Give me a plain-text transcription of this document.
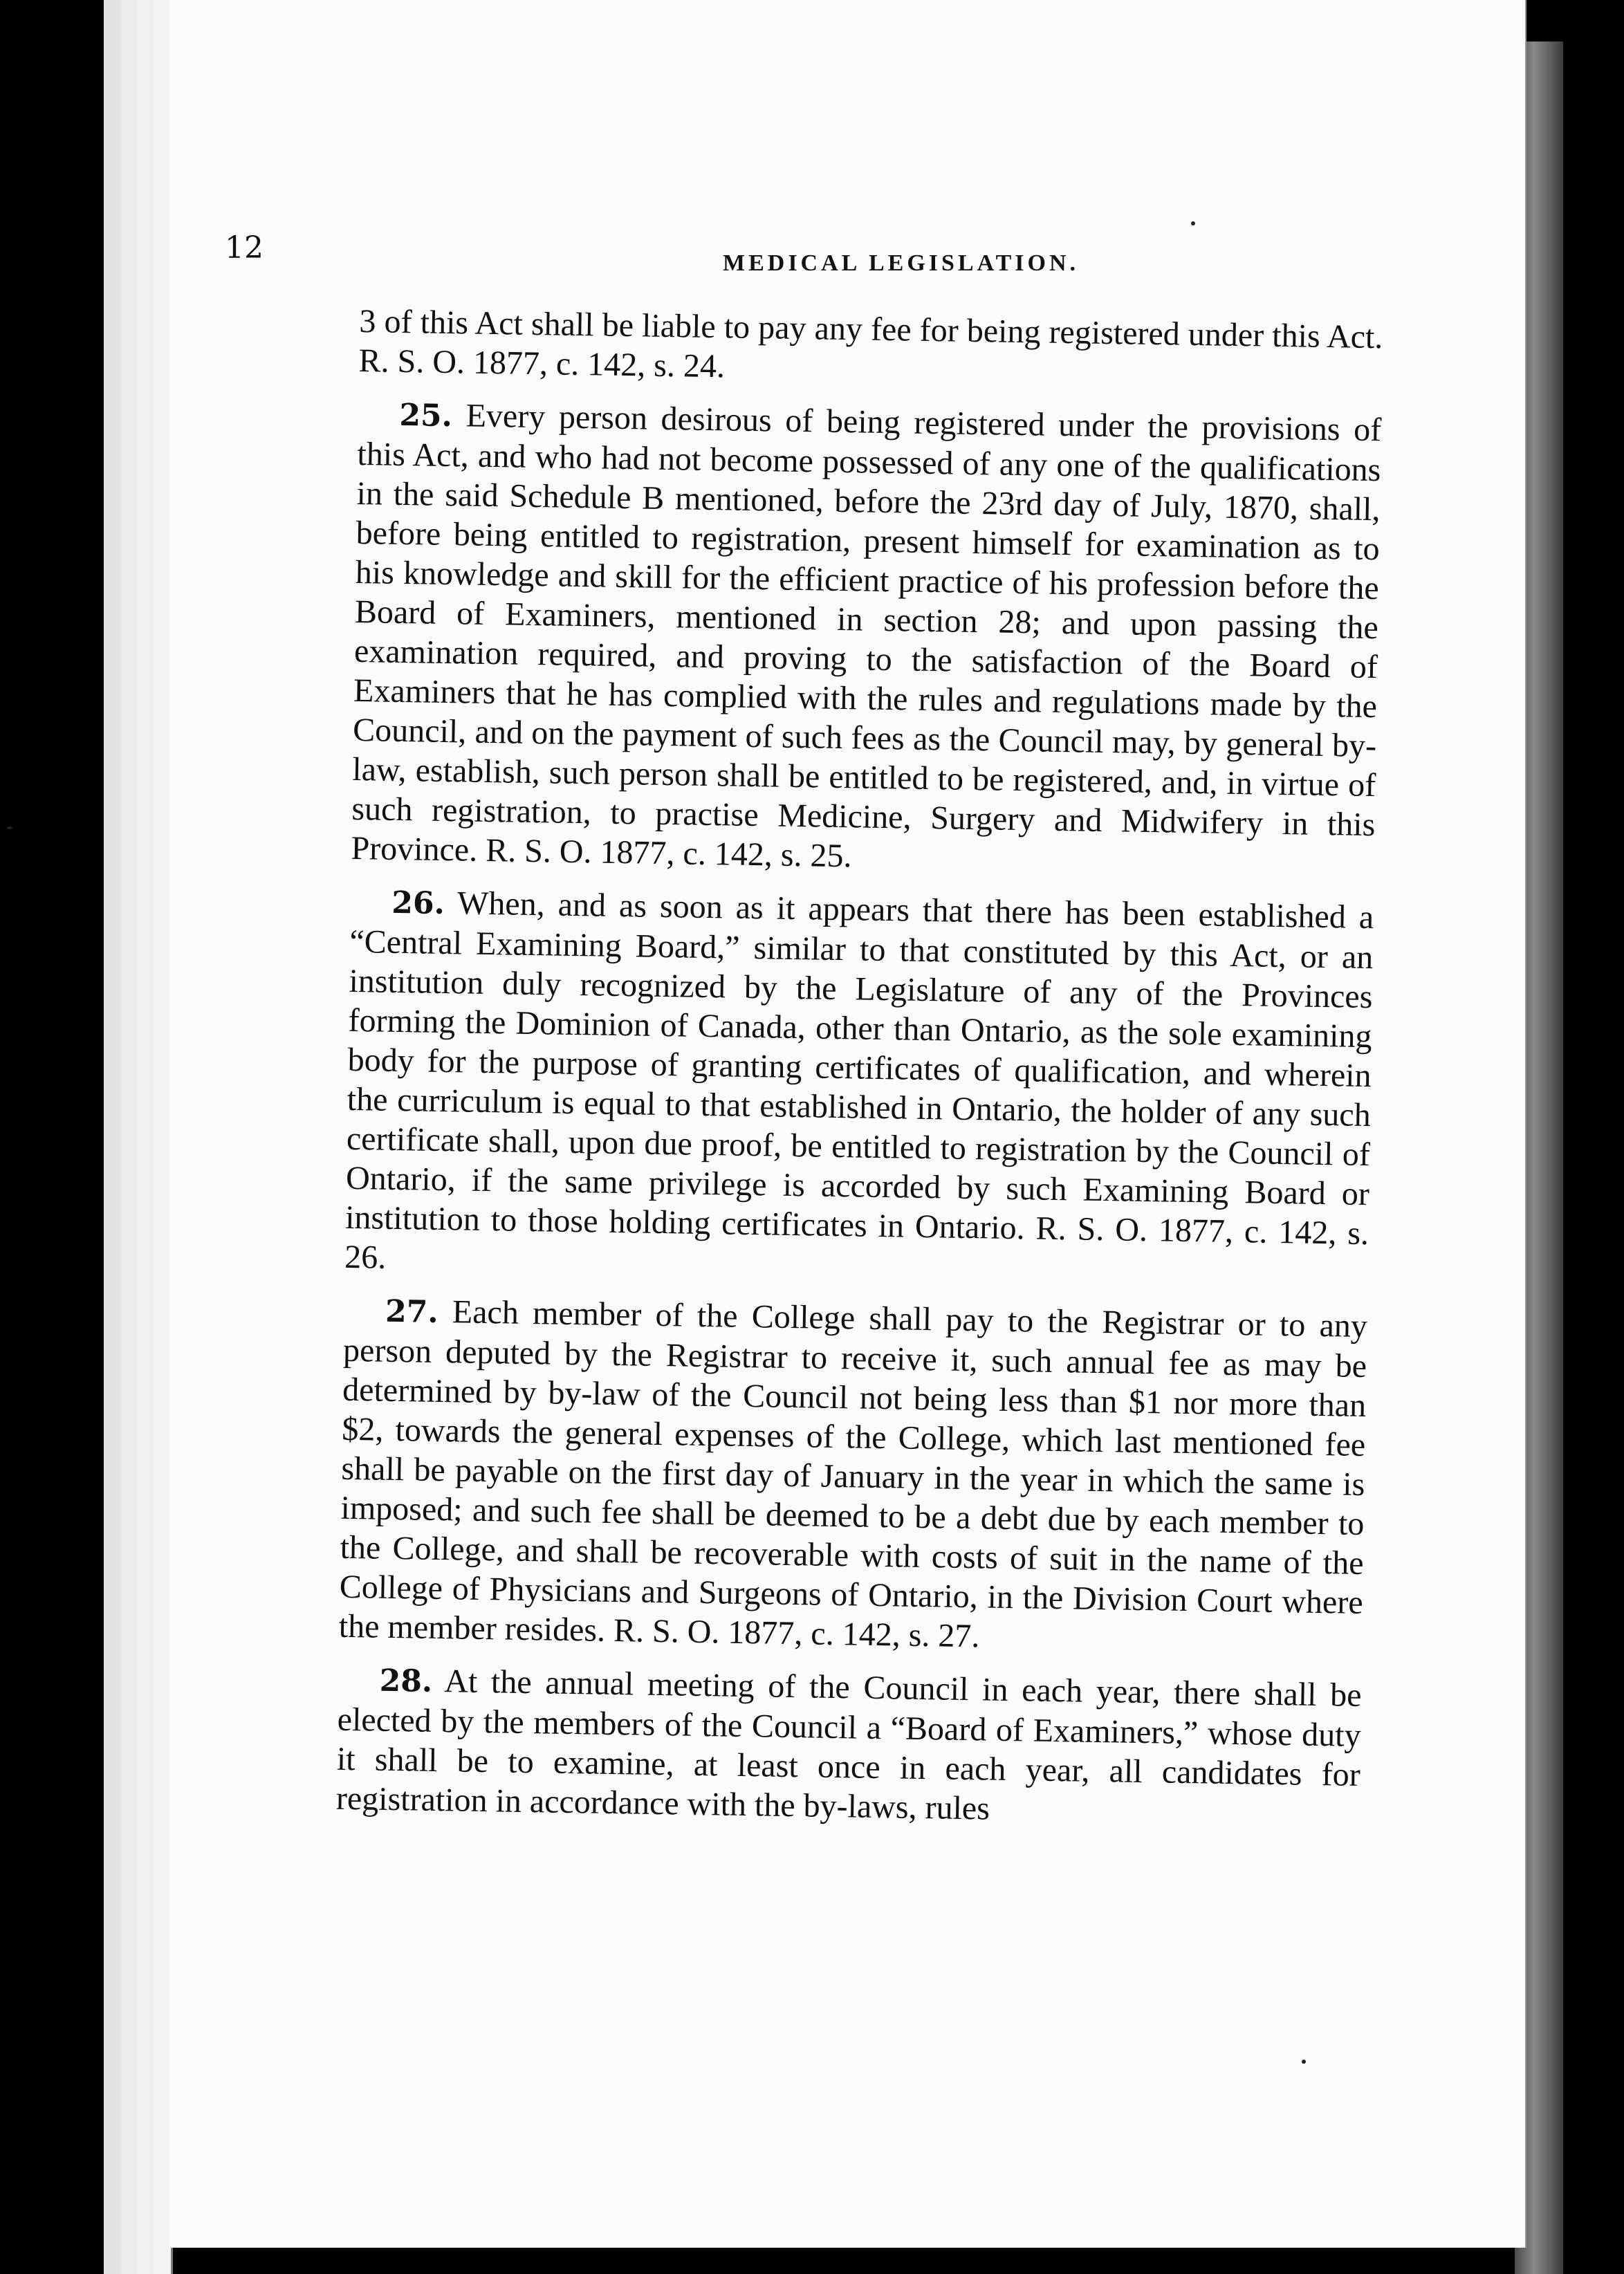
12	MEDICAL LEGISLATION.

3 of this Act shall be liable to pay any fee for being registered under this Act. R. S. O. 1877, c. 142, s. 24.

25. Every person desirous of being registered under the provisions of this Act, and who had not become possessed of any one of the qualifications in the said Schedule B mentioned, before the 23rd day of July, 1870, shall, before being entitled to registration, present himself for examination as to his knowledge and skill for the efficient practice of his profession before the Board of Examiners, mentioned in section 28; and upon passing the examination required, and proving to the satisfaction of the Board of Examiners that he has complied with the rules and regulations made by the Council, and on the payment of such fees as the Council may, by general by-law, establish, such person shall be entitled to be registered, and, in virtue of such registration, to practise Medicine, Surgery and Midwifery in this Province. R. S. O. 1877, c. 142, s. 25.

26. When, and as soon as it appears that there has been established a “Central Examining Board,” similar to that constituted by this Act, or an institution duly recognized by the Legislature of any of the Provinces forming the Dominion of Canada, other than Ontario, as the sole examining body for the purpose of granting certificates of qualification, and wherein the curriculum is equal to that established in Ontario, the holder of any such certificate shall, upon due proof, be entitled to registration by the Council of Ontario, if the same privilege is accorded by such Examining Board or institution to those holding certificates in Ontario. R. S. O. 1877, c. 142, s. 26.

27. Each member of the College shall pay to the Registrar or to any person deputed by the Registrar to receive it, such annual fee as may be determined by by-law of the Council not being less than $1 nor more than $2, towards the general expenses of the College, which last mentioned fee shall be payable on the first day of January in the year in which the same is imposed; and such fee shall be deemed to be a debt due by each member to the College, and shall be recoverable with costs of suit in the name of the College of Physicians and Surgeons of Ontario, in the Division Court where the member resides. R. S. O. 1877, c. 142, s. 27.

28. At the annual meeting of the Council in each year, there shall be elected by the members of the Council a “Board of Examiners,” whose duty it shall be to examine, at least once in each year, all candidates for registration in accordance with the by-laws, rules
